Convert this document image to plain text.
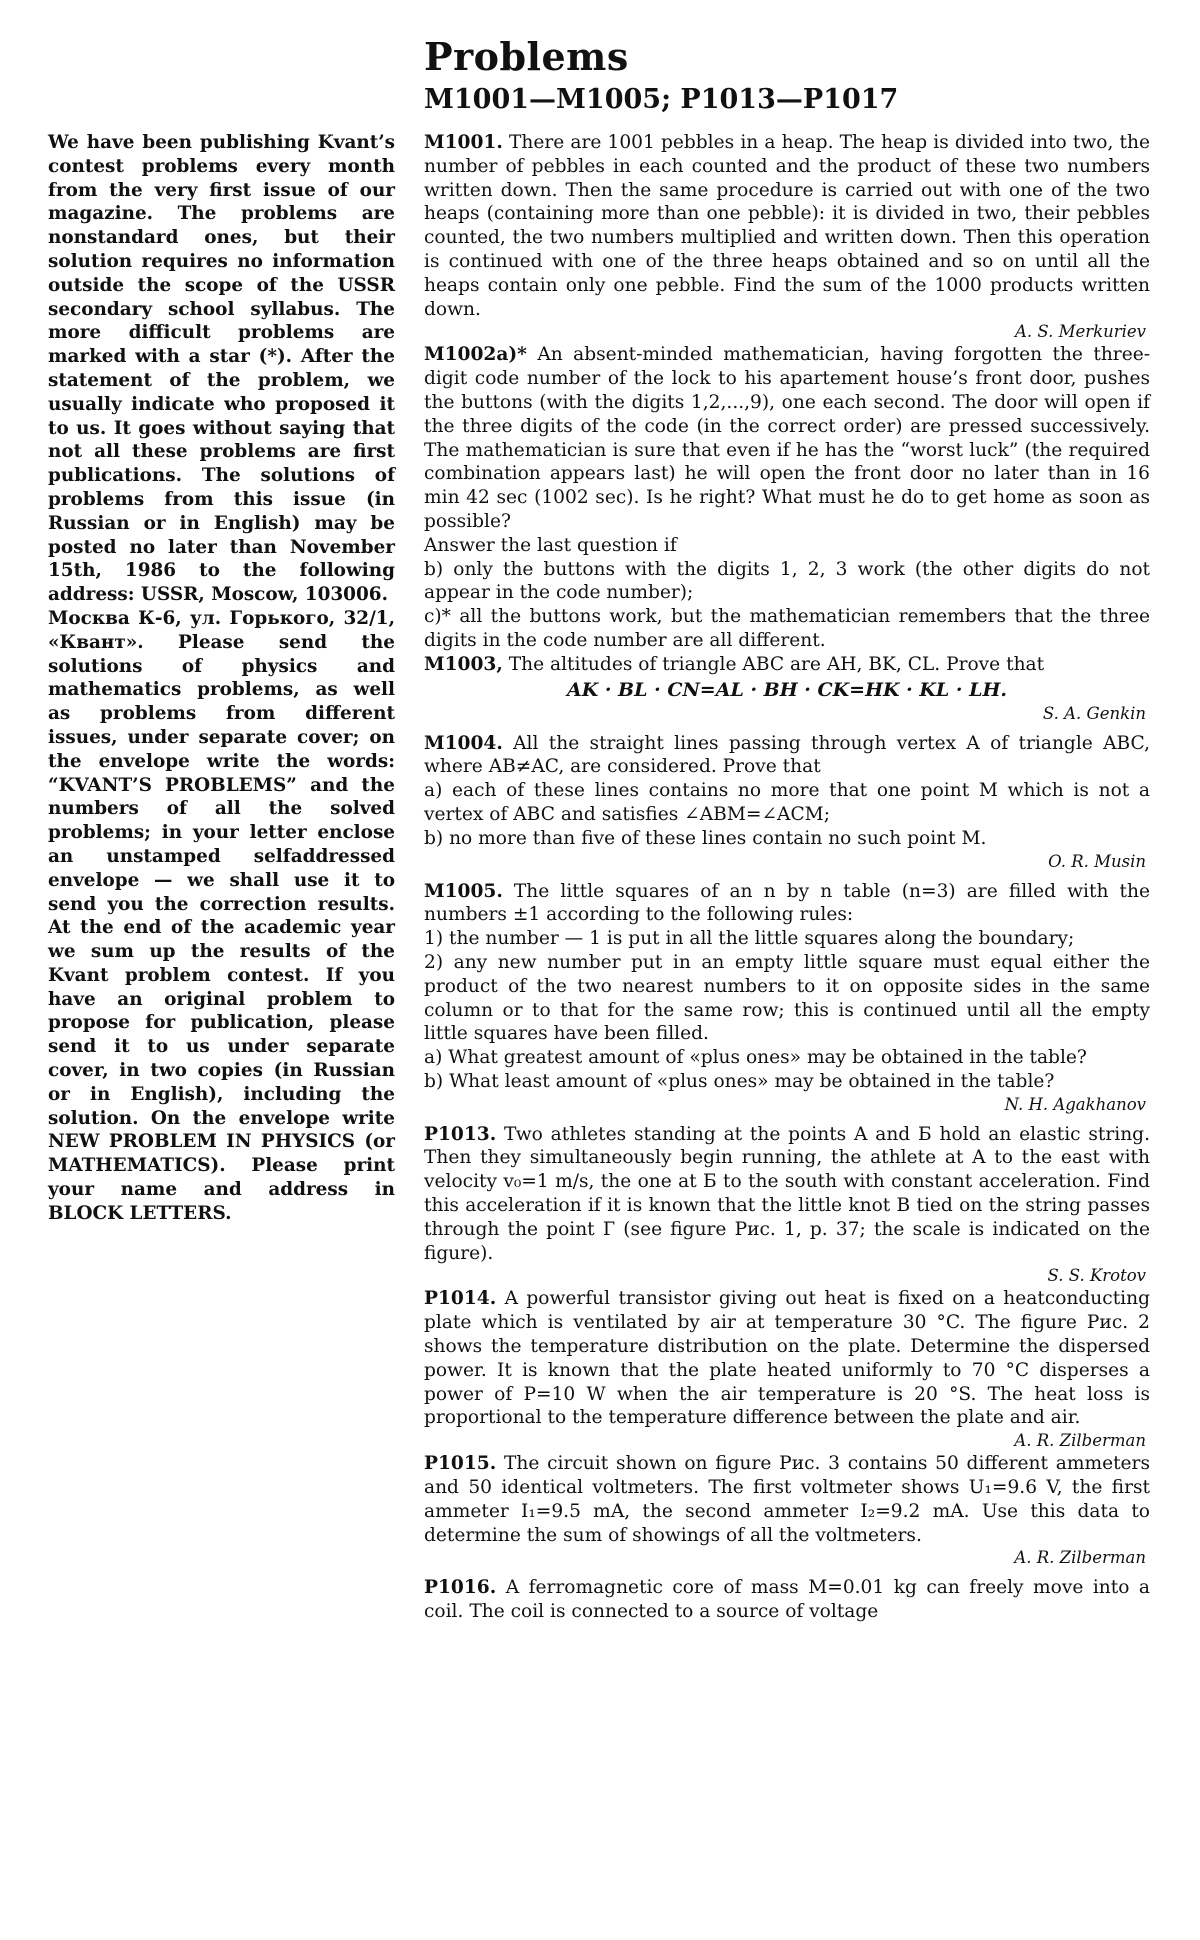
Problems
M1001—M1005; P1013—P1017

We have been publishing Kvant’s contest problems every month from the very first issue of our magazine. The problems are nonstandard ones, but their solution requires no information outside the scope of the USSR secondary school syllabus. The more difficult problems are marked with a star (*). After the statement of the problem, we usually indicate who proposed it to us. It goes without saying that not all these problems are first publications. The solutions of problems from this issue (in Russian or in English) may be posted no later than November 15th, 1986 to the following address: USSR, Moscow, 103006.

Москва К-6, ул. Горького, 32/1, «Квант». Please send the solutions of physics and mathematics problems, as well as problems from different issues, under separate cover; on the envelope write the words: “KVANT’S PROBLEMS” and the numbers of all the solved problems; in your letter enclose an unstamped selfaddressed envelope — we shall use it to send you the correction results. At the end of the academic year we sum up the results of the Kvant problem contest. If you have an original problem to propose for publication, please send it to us under separate cover, in two copies (in Russian or in English), including the solution. On the envelope write NEW PROBLEM IN PHYSICS (or MATHEMATICS). Please print your name and address in BLOCK LETTERS.

M1001. There are 1001 pebbles in a heap. The heap is divided into two, the number of pebbles in each counted and the product of these two numbers written down. Then the same procedure is carried out with one of the two heaps (containing more than one pebble): it is divided in two, their pebbles counted, the two numbers multiplied and written down. Then this operation is continued with one of the three heaps obtained and so on until all the heaps contain only one pebble. Find the sum of the 1000 products written down.

A. S. Merkuriev

M1002a)* An absent-minded mathematician, having forgotten the three-digit code number of the lock to his apartement house’s front door, pushes the buttons (with the digits 1,2,...,9), one each second. The door will open if the three digits of the code (in the correct order) are pressed successively. The mathematician is sure that even if he has the “worst luck” (the required combination appears last) he will open the front door no later than in 16 min 42 sec (1002 sec). Is he right? What must he do to get home as soon as possible?

Answer the last question if

b) only the buttons with the digits 1, 2, 3 work (the other digits do not appear in the code number);

c)* all the buttons work, but the mathematician remembers that the three digits in the code number are all different.

M1003, The altitudes of triangle ABC are AH, BK, CL. Prove that

AK · BL · CN=AL · BH · CK=HK · KL · LH.

S. A. Genkin

M1004. All the straight lines passing through vertex A of triangle ABC, where AB≠AC, are considered. Prove that

a) each of these lines contains no more that one point M which is not a vertex of ABC and satisfies ∠ABM=∠ACM;

b) no more than five of these lines contain no such point M.

O. R. Musin

M1005. The little squares of an n by n table (n=3) are filled with the numbers ±1 according to the following rules:

1) the number — 1 is put in all the little squares along the boundary;

2) any new number put in an empty little square must equal either the product of the two nearest numbers to it on opposite sides in the same column or to that for the same row; this is continued until all the empty little squares have been filled.

a) What greatest amount of «plus ones» may be obtained in the table?

b) What least amount of «plus ones» may be obtained in the table?

N. H. Agakhanov

P1013. Two athletes standing at the points A and Б hold an elastic string. Then they simultaneously begin running, the athlete at A to the east with velocity v₀=1 m/s, the one at Б to the south with constant acceleration. Find this acceleration if it is known that the little knot B tied on the string passes through the point Г (see figure Рис. 1, p. 37; the scale is indicated on the figure).

S. S. Krotov

P1014. A powerful transistor giving out heat is fixed on a heatconducting plate which is ventilated by air at temperature 30 °C. The figure Рис. 2 shows the temperature distribution on the plate. Determine the dispersed power. It is known that the plate heated uniformly to 70 °C disperses a power of P=10 W when the air temperature is 20 °S. The heat loss is proportional to the temperature difference between the plate and air.

A. R. Zilberman

P1015. The circuit shown on figure Рис. 3 contains 50 different ammeters and 50 identical voltmeters. The first voltmeter shows U₁=9.6 V, the first ammeter I₁=9.5 mA, the second ammeter I₂=9.2 mA. Use this data to determine the sum of showings of all the voltmeters.

A. R. Zilberman

P1016. A ferromagnetic core of mass M=0.01 kg can freely move into a coil. The coil is connected to a source of voltage
